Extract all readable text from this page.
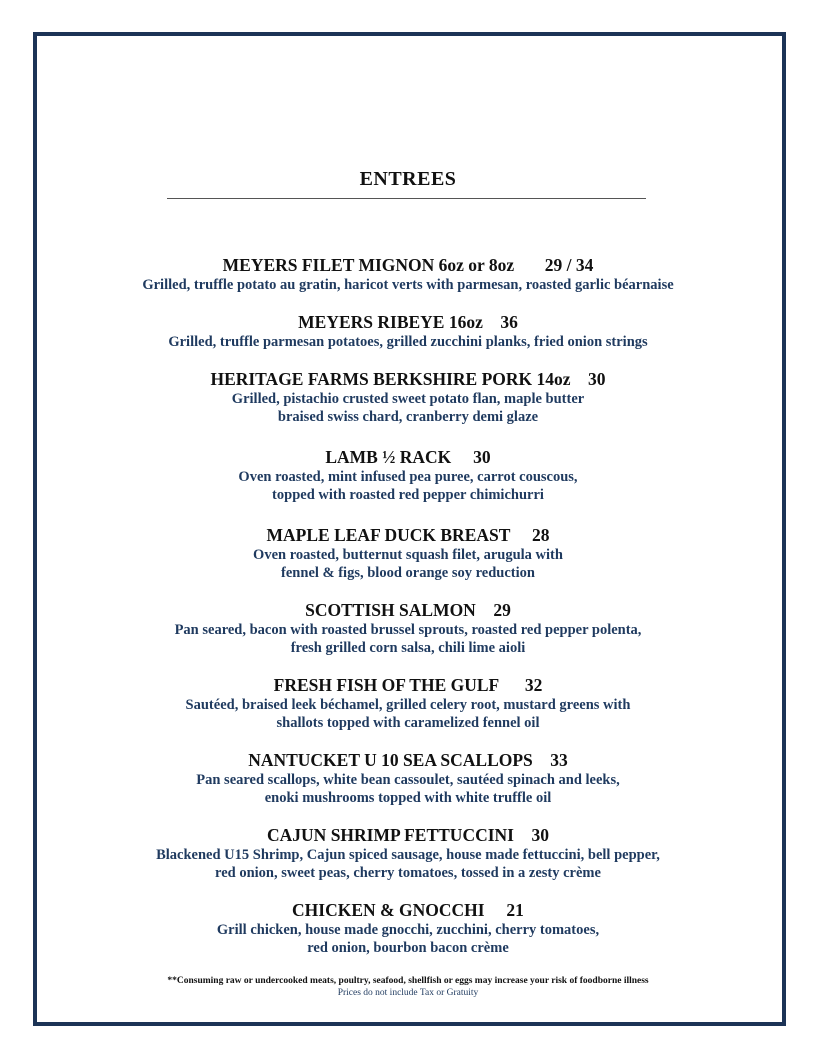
ENTREES
MEYERS FILET MIGNON 6oz or 8oz       29 / 34
Grilled, truffle potato au gratin, haricot verts with parmesan, roasted garlic béarnaise
MEYERS RIBEYE 16oz    36
Grilled, truffle parmesan potatoes, grilled zucchini planks, fried onion strings
HERITAGE FARMS BERKSHIRE PORK 14oz    30
Grilled, pistachio crusted sweet potato flan, maple butter
braised swiss chard, cranberry demi glaze
LAMB ½ RACK     30
Oven roasted, mint infused pea puree, carrot couscous,
topped with roasted red pepper chimichurri
MAPLE LEAF DUCK BREAST     28
Oven roasted, butternut squash filet, arugula with
fennel & figs, blood orange soy reduction
SCOTTISH SALMON    29
Pan seared, bacon with roasted brussel sprouts, roasted red pepper polenta,
fresh grilled corn salsa, chili lime aioli
FRESH FISH OF THE GULF      32
Sautéed, braised leek béchamel, grilled celery root, mustard greens with
shallots topped with caramelized fennel oil
NANTUCKET U 10 SEA SCALLOPS    33
Pan seared scallops, white bean cassoulet, sautéed spinach and leeks,
enoki mushrooms topped with white truffle oil
CAJUN SHRIMP FETTUCCINI    30
Blackened U15 Shrimp, Cajun spiced sausage, house made fettuccini, bell pepper,
red onion, sweet peas, cherry tomatoes, tossed in a zesty crème
CHICKEN & GNOCCHI     21
Grill chicken, house made gnocchi, zucchini, cherry tomatoes,
red onion, bourbon bacon crème
**Consuming raw or undercooked meats, poultry, seafood, shellfish or eggs may increase your risk of foodborne illness
Prices do not include Tax or Gratuity
